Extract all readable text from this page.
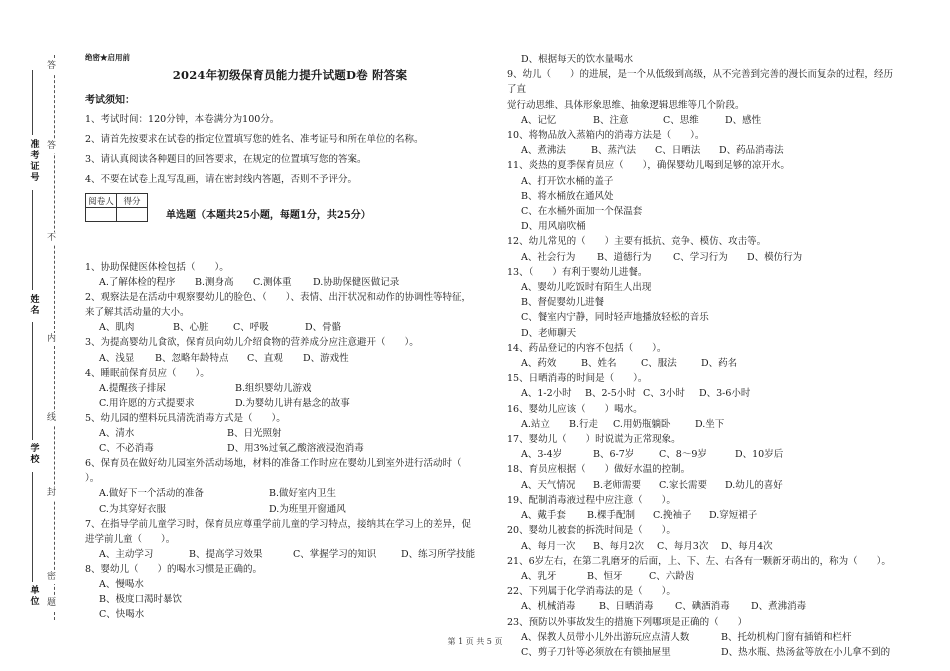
答
答
不
内
线
封
密
题
准考证号
姓名
学校
单位
绝密★启用前
2024年初级保育员能力提升试题D卷 附答案
考试须知：
1、考试时间：120分钟，本卷满分为100分。
2、请首先按要求在试卷的指定位置填写您的姓名、准考证号和所在单位的名称。
3、请认真阅读各种题目的回答要求，在规定的位置填写您的答案。
4、不要在试卷上乱写乱画，请在密封线内答题，否则不予评分。
阅卷人	得分

单选题（本题共25小题，每题1分，共25分）
1、协助保健医体检包括（　　）。
A.了解体检的程序	B.测身高	C.测体重	D.协助保健医做记录
2、观察法是在活动中观察婴幼儿的脸色、（　　）、表情、出汗状况和动作的协调性等特征，
来了解其活动量的大小。
A、肌肉	B、心脏	C、呼吸	D、骨骼
3、为提高婴幼儿食欲，保育员向幼儿介绍食物的营养成分应注意避开（　　）。
A、浅显	B、忽略年龄特点	C、直观	D、游戏性
4、睡眠前保育员应（　　）。
A.提醒孩子排尿	B.组织婴幼儿游戏
C.用许愿的方式提要求	D.为婴幼儿讲有悬念的故事
5、幼儿园的塑料玩具清洗消毒方式是（　　）。
A、清水	B、日光照射
C、不必消毒	D、用3%过氧乙酸溶液浸泡消毒
6、保育员在做好幼儿园室外活动场地，材料的准备工作时应在婴幼儿到室外进行活动时（　　
）。
A.做好下一个活动的准备	B.做好室内卫生
C.为其穿好衣服	D.为班里开窗通风
7、在指导学前儿童学习时，保育员应尊重学前儿童的学习特点，接纳其在学习上的差异，促
进学前儿童（　　）。
A、主动学习	B、提高学习效果	C、掌握学习的知识	D、练习所学技能
8、婴幼儿（　　）的喝水习惯是正确的。
A、慢喝水
B、极度口渴时暴饮
C、快喝水
D、根据每天的饮水量喝水
9、幼儿（　　）的进展，是一个从低级到高级，从不完善到完善的漫长而复杂的过程，经历了直
觉行动思维、具体形象思维、抽象逻辑思维等几个阶段。
A、记忆	B、注意	C、思维	D、感性
10、将物品放入蒸箱内的消毒方法是（　　）。
A、煮沸法	B、蒸汽法	C、日晒法	D、药品消毒法
11、炎热的夏季保育员应（　　），确保婴幼儿喝到足够的凉开水。
A、打开饮水桶的盖子
B、将水桶放在通风处
C、在水桶外面加一个保温套
D、用风扇吹桶
12、幼儿常见的（　　）主要有抵抗、竞争、模仿、攻击等。
A、社会行为	B、道德行为	C、学习行为	D、模仿行为
13、（　　）有利于婴幼儿进餐。
A、婴幼儿吃饭时有陌生人出现
B、督促婴幼儿进餐
C、餐室内宁静，同时轻声地播放轻松的音乐
D、老师聊天
14、药品登记的内容不包括（　　）。
A、药效	B、姓名	C、服法	D、药名
15、日晒消毒的时间是（　　）。
A、1-2小时	B、2-5小时 C、3小时	D、3-6小时
16、婴幼儿应该（　　）喝水。
A.站立	B.行走	C.用奶瓶躺卧	D.坐下
17、婴幼儿（　　）时说谎为正常现象。
A、3-4岁	B、6-7岁	C、8～9岁	D、10岁后
18、育员应根据（　　）做好水温的控制。
A、天气情况	B.老师需要	C.家长需要	D.幼儿的喜好
19、配制消毒液过程中应注意（　　）。
A、戴手套	B.棵手配制	C.挽袖子	D.穿短裙子
20、婴幼儿被套的拆洗时间是（　　）。
A、每月一次	B、每月2次	C、每月3次	D、每月4次
21、6岁左右，在第二乳磨牙的后面，上、下、左、右各有一颗新牙萌出的，称为（　　）。
A、乳牙	B、恒牙	C、六龄齿
22、下列属于化学消毒法的是（　　）。
A、机械消毒	B、日晒消毒	C、碘酒消毒	D、煮沸消毒
23、预防以外事故发生的措施下列哪项是正确的（　　）
A、保教人员带小儿外出游玩应点清人数	B、托幼机构门窗有插销和栏杆
C、剪子刀针等必须放在有锁抽屉里	D、热水瓶、热汤盆等放在小儿拿不到的
第 1 页 共 5 页
